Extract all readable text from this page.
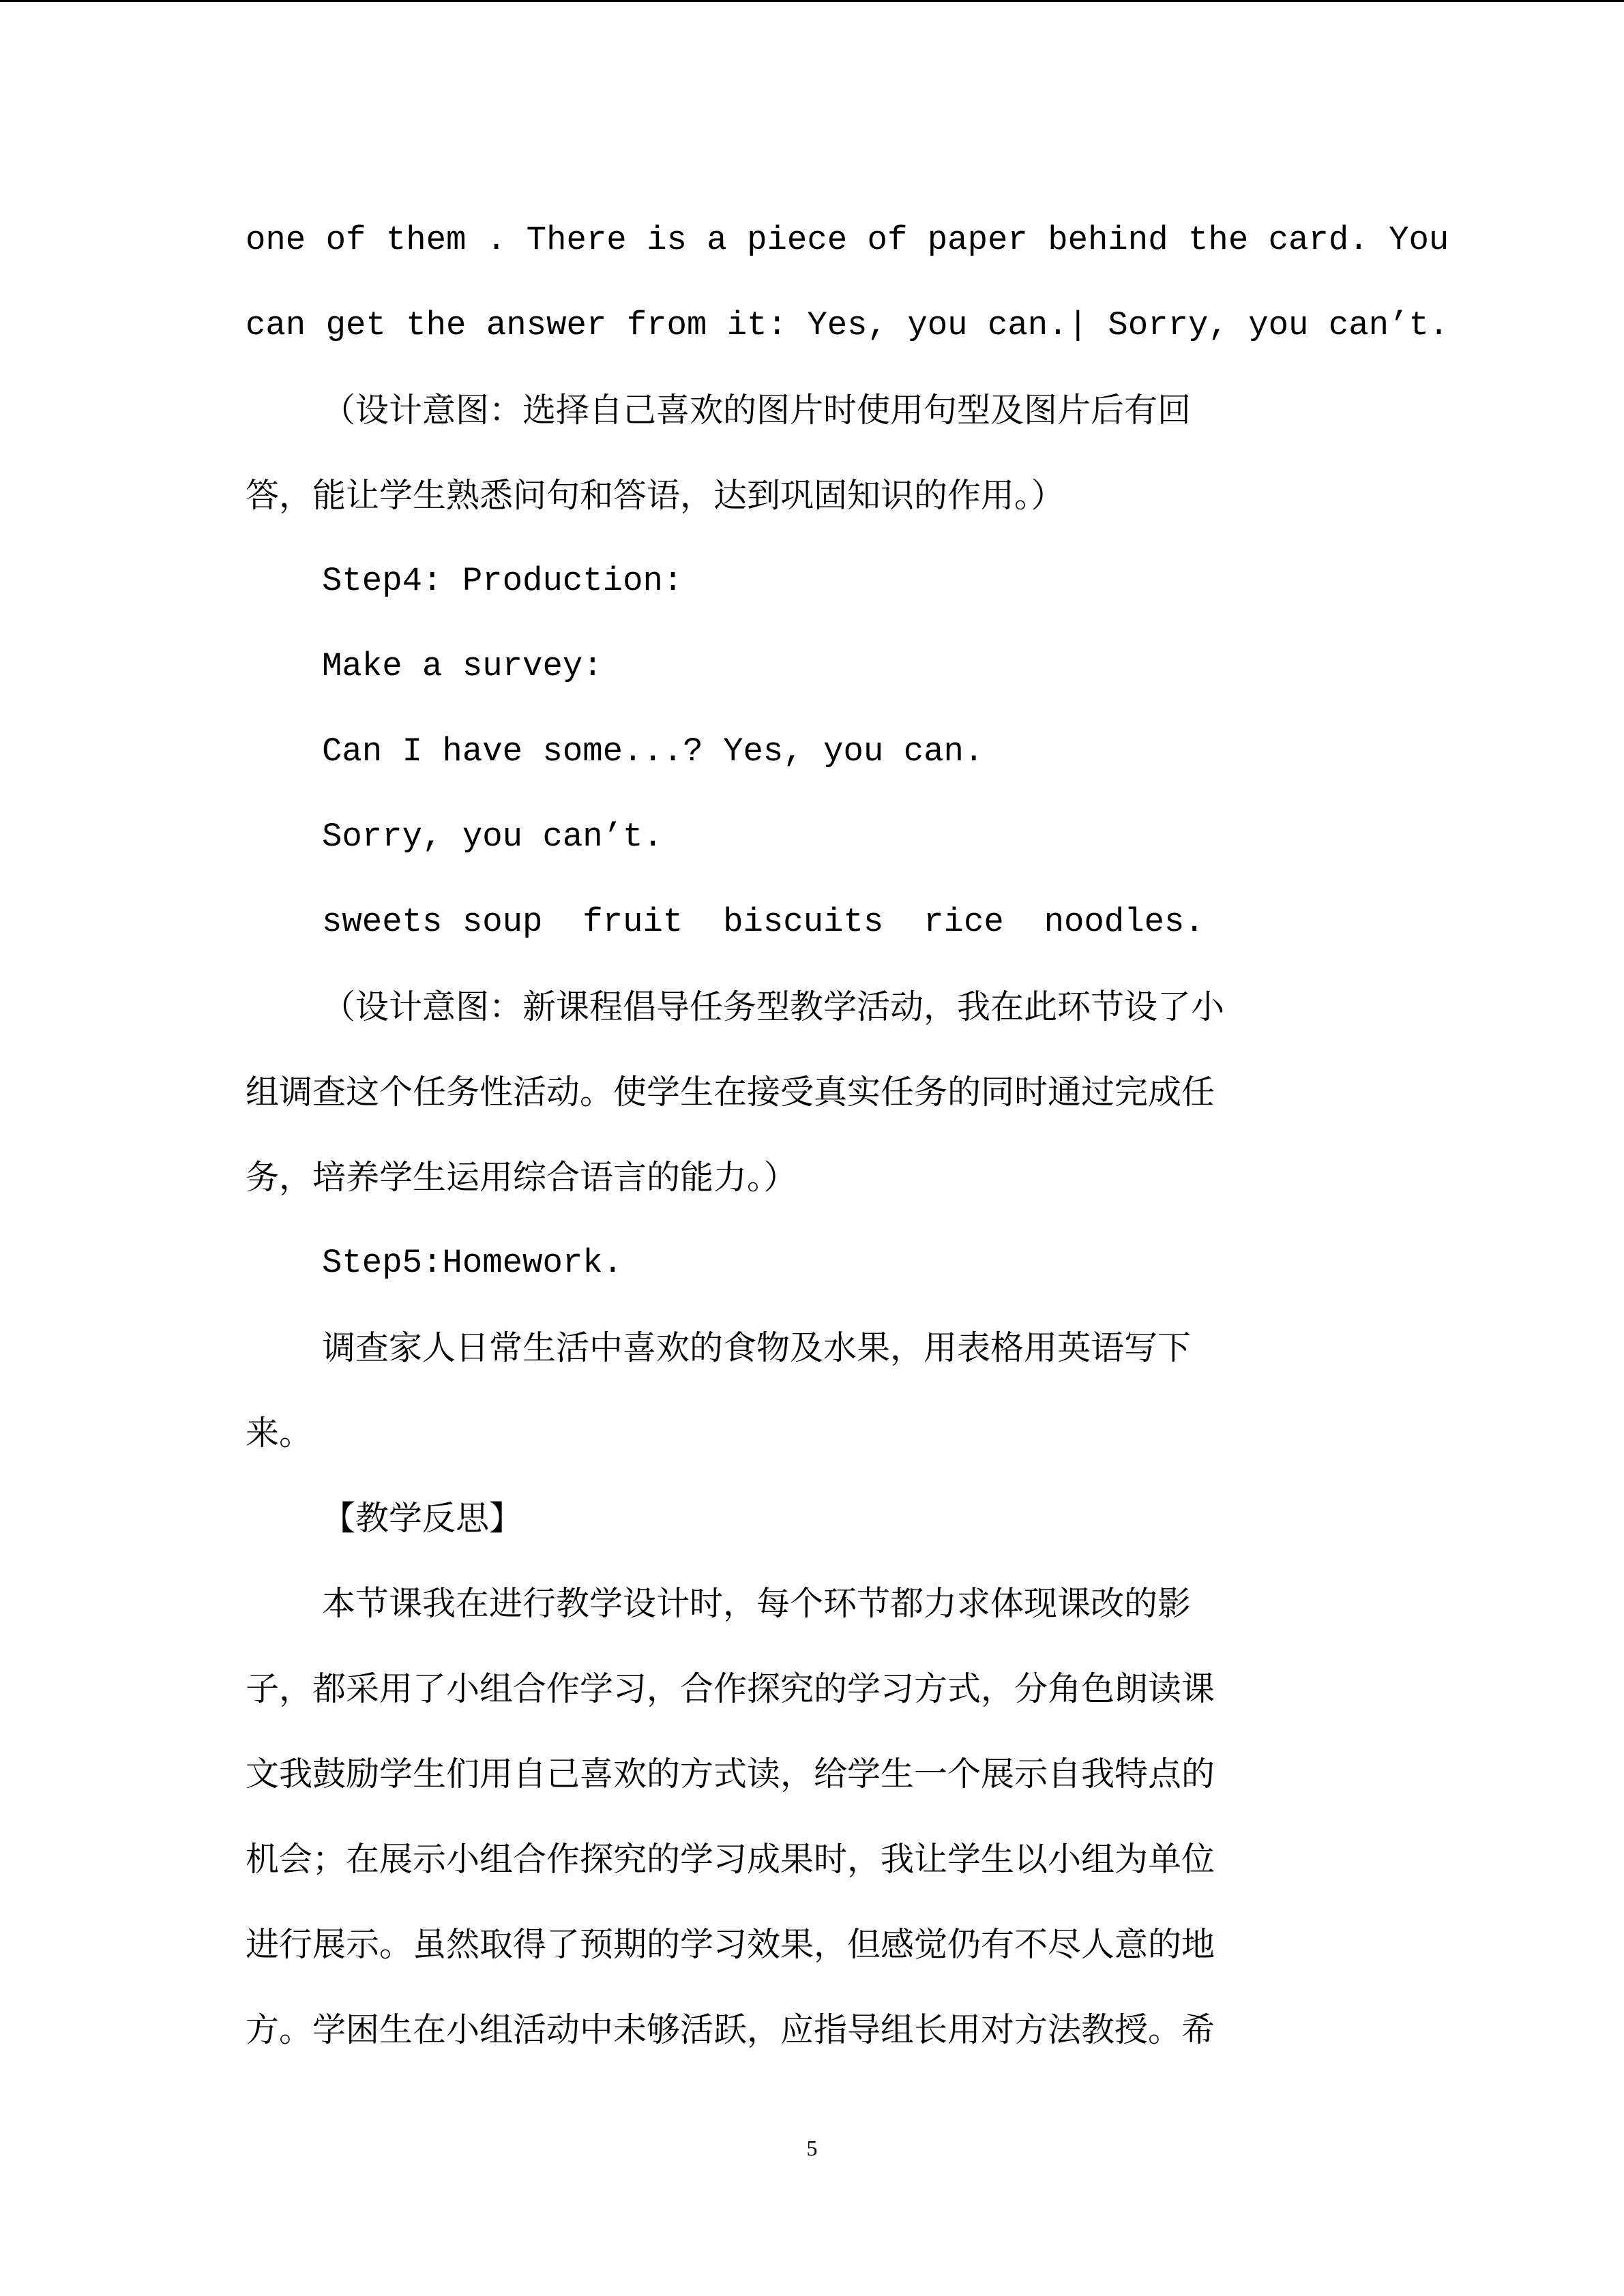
one of them . There is a piece of paper behind the card. You
can get the answer from it: Yes, you can.| Sorry, you can’t.
（设计意图：选择自己喜欢的图片时使用句型及图片后有回
答，能让学生熟悉问句和答语，达到巩固知识的作用。）
Step4: Production:
Make a survey:
Can I have some...? Yes, you can.
Sorry, you can’t.
sweets soup  fruit  biscuits  rice  noodles.
（设计意图：新课程倡导任务型教学活动，我在此环节设了小
组调查这个任务性活动。使学生在接受真实任务的同时通过完成任
务，培养学生运用综合语言的能力。）
Step5:Homework.
调查家人日常生活中喜欢的食物及水果，用表格用英语写下
来。
【教学反思】
本节课我在进行教学设计时，每个环节都力求体现课改的影
子，都采用了小组合作学习，合作探究的学习方式，分角色朗读课
文我鼓励学生们用自己喜欢的方式读，给学生一个展示自我特点的
机会；在展示小组合作探究的学习成果时，我让学生以小组为单位
进行展示。虽然取得了预期的学习效果，但感觉仍有不尽人意的地
方。学困生在小组活动中未够活跃，应指导组长用对方法教授。希
5
